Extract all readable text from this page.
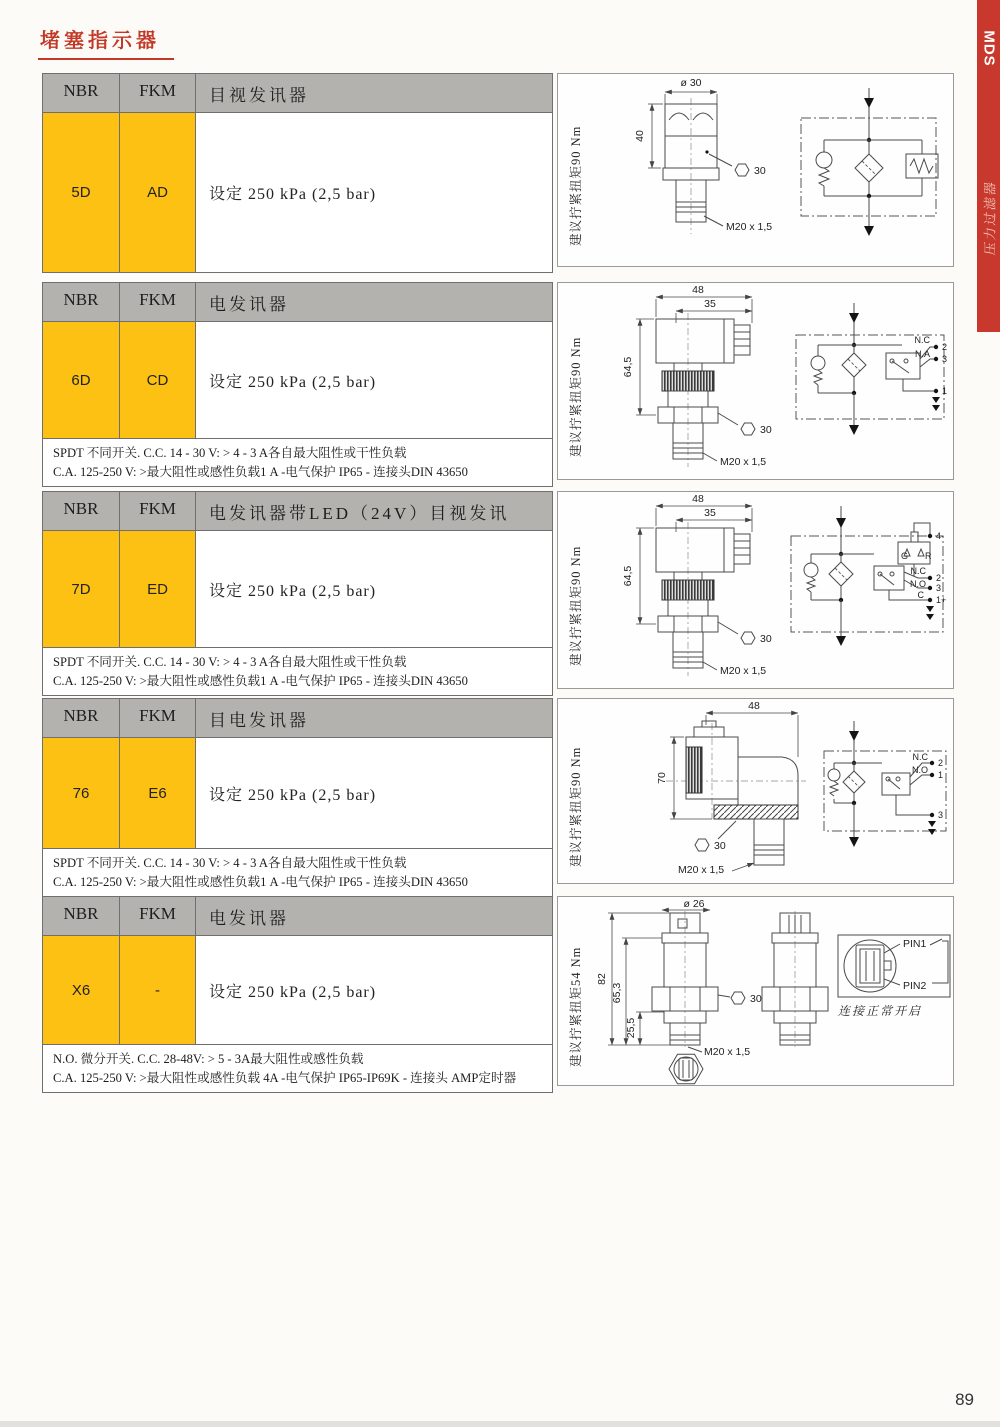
堵塞指示器	MDS
压力过滤器
NBR	FKM	目视发讯器
5D	AD	设定 250 kPa (2,5 bar)	建议拧紧扭矩90 Nm
ø 30
40
30
M20 x 1,5
NBR	FKM	电发讯器
6D	CD	设定 250 kPa (2,5 bar)
SPDT 不同开关. C.C. 14 - 30 V: > 4 - 3 A各自最大阻性或干性负载
C.A. 125-250 V: >最大阻性或感性负载1 A -电气保护 IP65 - 连接头DIN 43650
建议拧紧扭矩90 Nm
48
35
64,5
30
M20 x 1,5
N.C
2
N.A 3
1
NBR	FKM	电发讯器带LED（24V）目视发讯
7D	ED	设定 250 kPa (2,5 bar)
SPDT 不同开关. C.C. 14 - 30 V: > 4 - 3 A各自最大阻性或干性负载
C.A. 125-250 V: >最大阻性或感性负载1 A -电气保护 IP65 - 连接头DIN 43650
建议拧紧扭矩90 Nm
48
35
64,5
30
M20 x 1,5
G R
4-
N.C
2
N.O 3
C 1+
NBR	FKM	目电发讯器
76	E6	设定 250 kPa (2,5 bar)
SPDT 不同开关. C.C. 14 - 30 V: > 4 - 3 A各自最大阻性或干性负载
C.A. 125-250 V: >最大阻性或感性负载1 A -电气保护 IP65 - 连接头DIN 43650
建议拧紧扭矩90 Nm
48
70
30
M20 x 1,5
N.C
2
N.O 1
3
NBR	FKM	电发讯器
X6	-	设定 250 kPa (2,5 bar)
N.O. 微分开关. C.C. 28-48V: > 5 - 3A最大阻性或感性负载
C.A. 125-250 V: >最大阻性或感性负载 4A -电气保护 IP65-IP69K - 连接头 AMP定时器
建议拧紧扭矩54 Nm
ø 26
82
65,3
25,5
30
M20 x 1,5
PIN1
PIN2
连接正常开启
89
